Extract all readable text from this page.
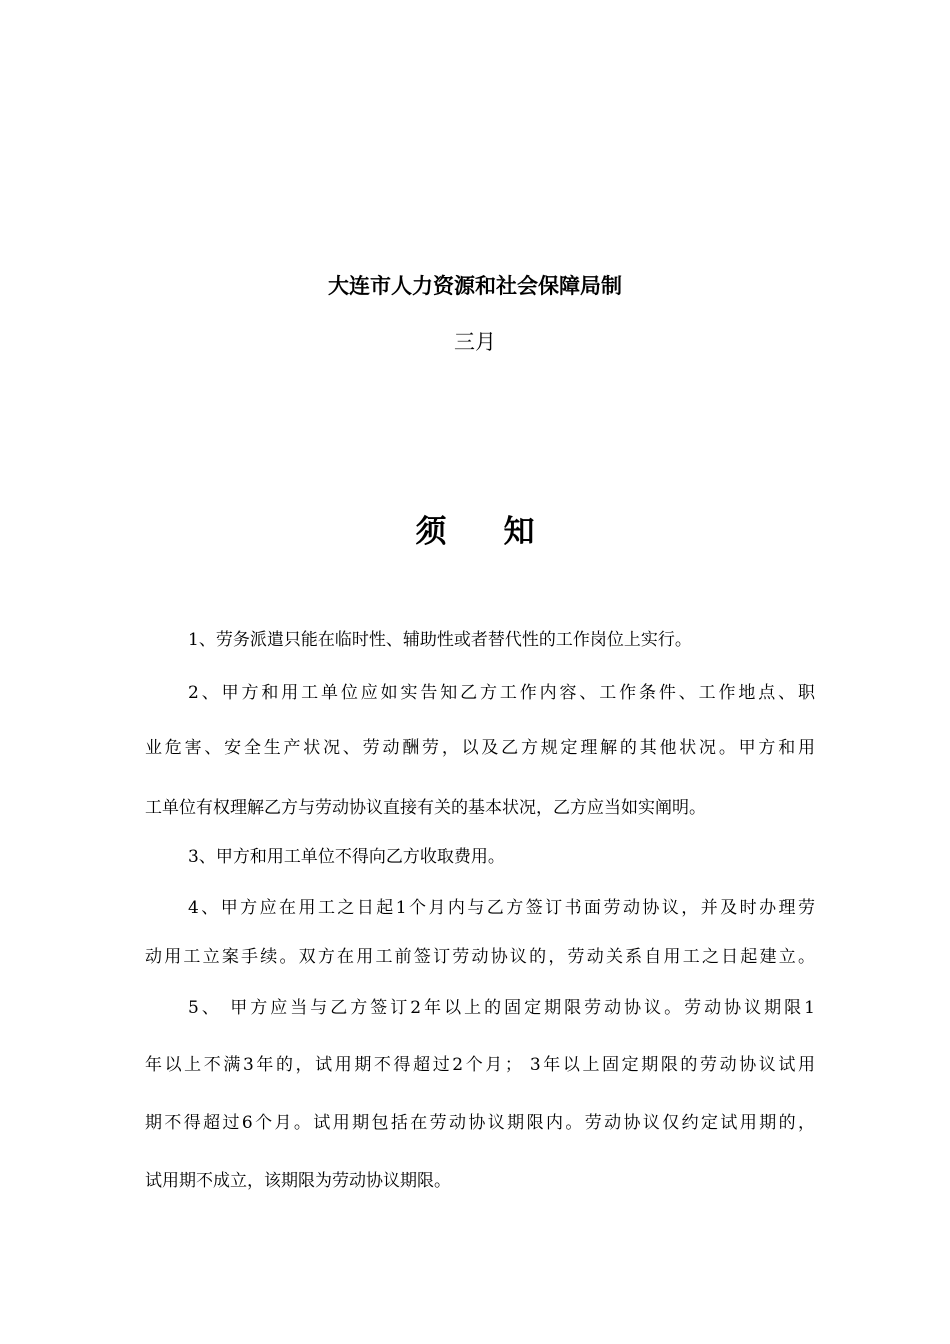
大连市人力资源和社会保障局制
三月
须知
1、劳务派遣只能在临时性、辅助性或者替代性的工作岗位上实行。
2、甲方和用工单位应如实告知乙方工作内容、工作条件、工作地点、职
业危害、安全生产状况、劳动酬劳，以及乙方规定理解的其他状况。甲方和用
工单位有权理解乙方与劳动协议直接有关的基本状况，乙方应当如实阐明。
3、甲方和用工单位不得向乙方收取费用。
4、甲方应在用工之日起1个月内与乙方签订书面劳动协议，并及时办理劳
动用工立案手续。双方在用工前签订劳动协议的，劳动关系自用工之日起建立。
5、 甲方应当与乙方签订2年以上的固定期限劳动协议。劳动协议期限1
年以上不满3年的，试用期不得超过2个月； 3年以上固定期限的劳动协议试用
期不得超过6个月。试用期包括在劳动协议期限内。劳动协议仅约定试用期的，
试用期不成立，该期限为劳动协议期限。
